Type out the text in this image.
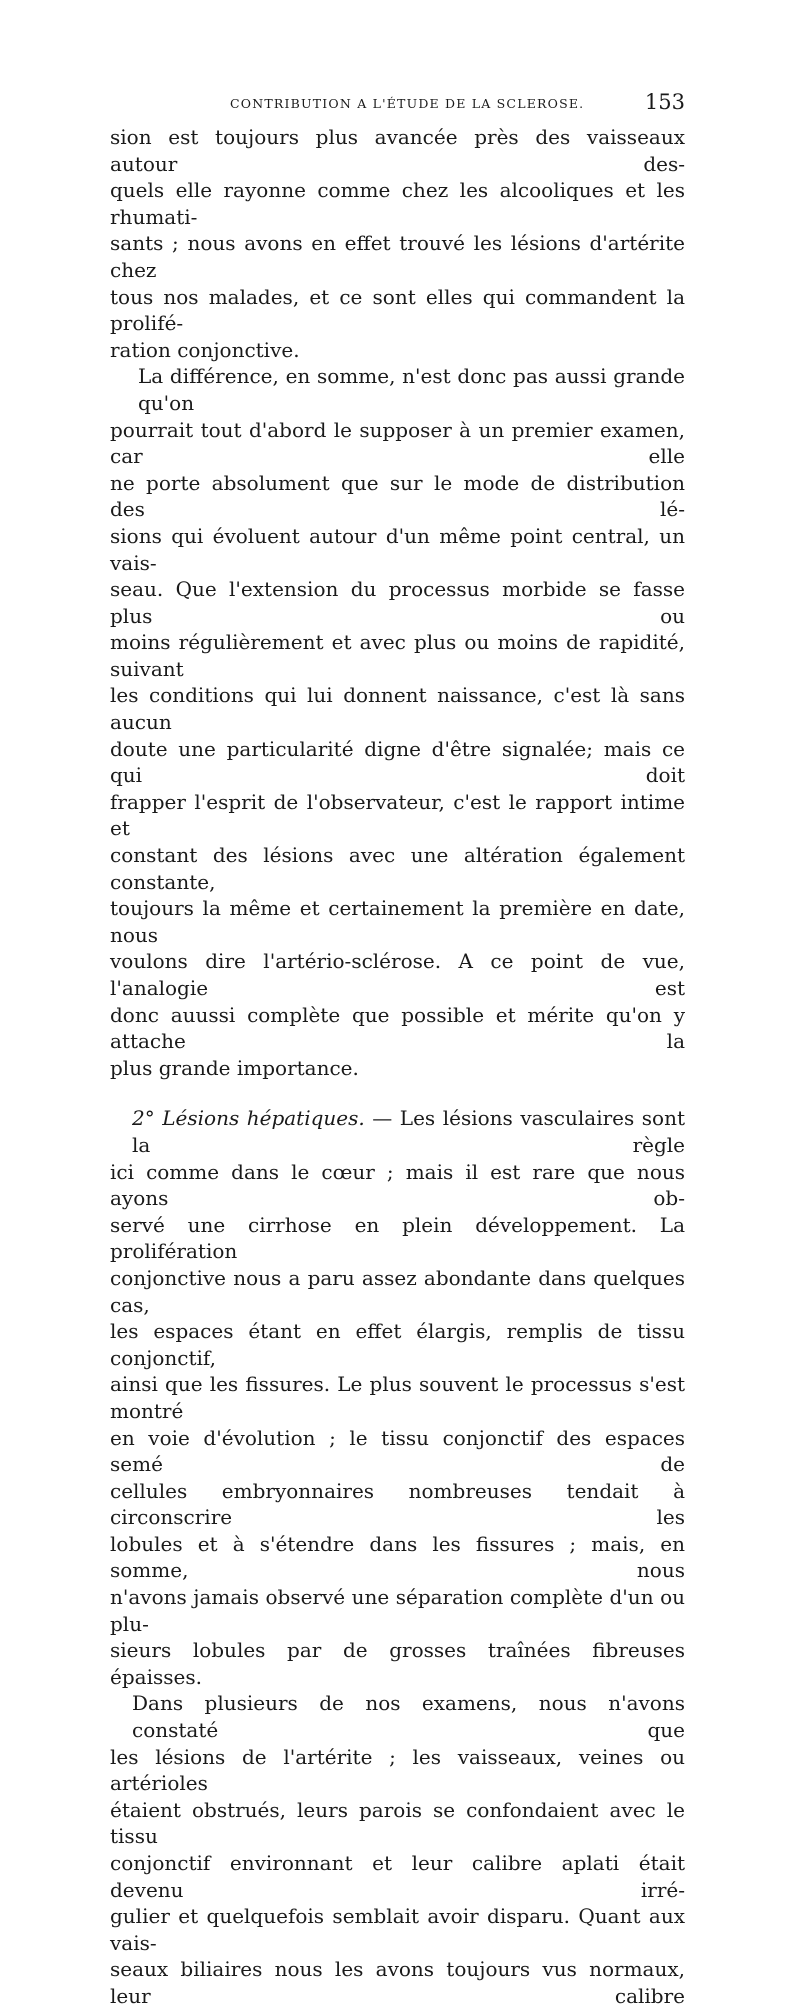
CONTRIBUTION A L'ÉTUDE DE LA SCLEROSE.	153

sion est toujours plus avancée près des vaisseaux autour des-
quels elle rayonne comme chez les alcooliques et les rhumati-
sants ; nous avons en effet trouvé les lésions d'artérite chez
tous nos malades, et ce sont elles qui commandent la prolifé-
ration conjonctive.

La différence, en somme, n'est donc pas aussi grande qu'on
pourrait tout d'abord le supposer à un premier examen, car elle
ne porte absolument que sur le mode de distribution des lé-
sions qui évoluent autour d'un même point central, un vais-
seau. Que l'extension du processus morbide se fasse plus ou
moins régulièrement et avec plus ou moins de rapidité, suivant
les conditions qui lui donnent naissance, c'est là sans aucun
doute une particularité digne d'être signalée; mais ce qui doit
frapper l'esprit de l'observateur, c'est le rapport intime et
constant des lésions avec une altération également constante,
toujours la même et certainement la première en date, nous
voulons dire l'artério-sclérose. A ce point de vue, l'analogie est
donc auussi complète que possible et mérite qu'on y attache la
plus grande importance.

2° Lésions hépatiques. — Les lésions vasculaires sont la règle
ici comme dans le cœur ; mais il est rare que nous ayons ob-
servé une cirrhose en plein développement. La prolifération
conjonctive nous a paru assez abondante dans quelques cas,
les espaces étant en effet élargis, remplis de tissu conjonctif,
ainsi que les fissures. Le plus souvent le processus s'est montré
en voie d'évolution ; le tissu conjonctif des espaces semé de
cellules embryonnaires nombreuses tendait à circonscrire les
lobules et à s'étendre dans les fissures ; mais, en somme, nous
n'avons jamais observé une séparation complète d'un ou plu-
sieurs lobules par de grosses traînées fibreuses épaisses.

Dans plusieurs de nos examens, nous n'avons constaté que
les lésions de l'artérite ; les vaisseaux, veines ou artérioles
étaient obstrués, leurs parois se confondaient avec le tissu
conjonctif environnant et leur calibre aplati était devenu irré-
gulier et quelquefois semblait avoir disparu. Quant aux vais-
seaux biliaires nous les avons toujours vus normaux, leur calibre
